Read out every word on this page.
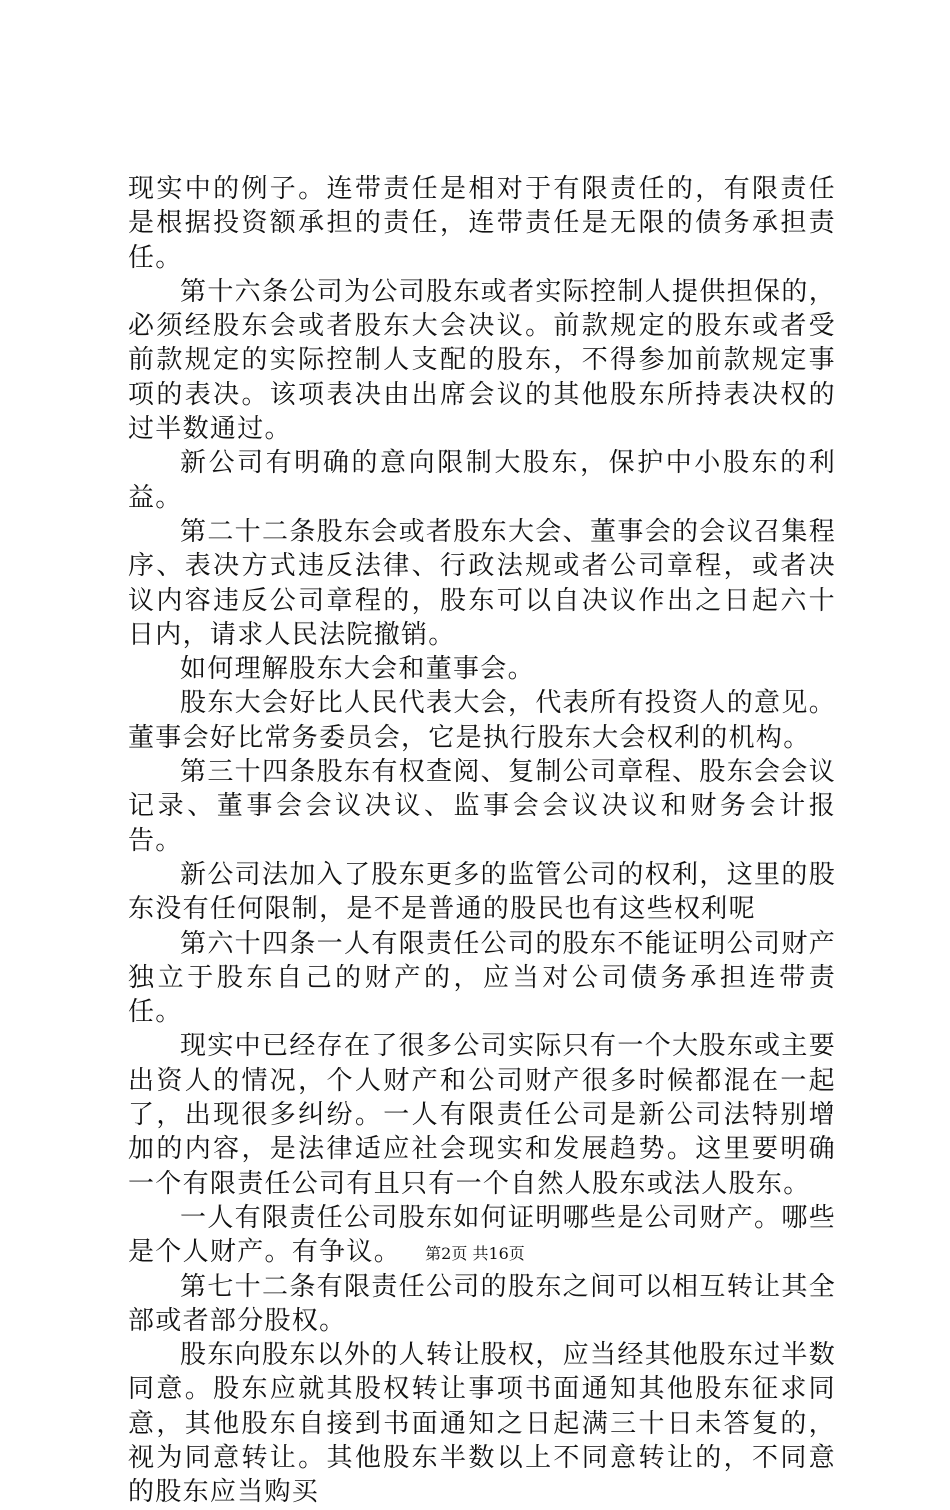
现实中的例子。连带责任是相对于有限责任的，有限责任是根据投资额承担的责任，连带责任是无限的债务承担责任。

第十六条公司为公司股东或者实际控制人提供担保的，必须经股东会或者股东大会决议。前款规定的股东或者受前款规定的实际控制人支配的股东，不得参加前款规定事项的表决。该项表决由出席会议的其他股东所持表决权的过半数通过。

新公司有明确的意向限制大股东，保护中小股东的利益。

第二十二条股东会或者股东大会、董事会的会议召集程序、表决方式违反法律、行政法规或者公司章程，或者决议内容违反公司章程的，股东可以自决议作出之日起六十日内，请求人民法院撤销。

如何理解股东大会和董事会。

股东大会好比人民代表大会，代表所有投资人的意见。董事会好比常务委员会，它是执行股东大会权利的机构。

第三十四条股东有权查阅、复制公司章程、股东会会议记录、董事会会议决议、监事会会议决议和财务会计报告。

新公司法加入了股东更多的监管公司的权利，这里的股东没有任何限制，是不是普通的股民也有这些权利呢

第六十四条一人有限责任公司的股东不能证明公司财产独立于股东自己的财产的，应当对公司债务承担连带责任。

现实中已经存在了很多公司实际只有一个大股东或主要出资人的情况，个人财产和公司财产很多时候都混在一起了，出现很多纠纷。一人有限责任公司是新公司法特别增加的内容，是法律适应社会现实和发展趋势。这里要明确一个有限责任公司有且只有一个自然人股东或法人股东。

一人有限责任公司股东如何证明哪些是公司财产。哪些是个人财产。有争议。

第七十二条有限责任公司的股东之间可以相互转让其全部或者部分股权。

股东向股东以外的人转让股权，应当经其他股东过半数同意。股东应就其股权转让事项书面通知其他股东征求同意，其他股东自接到书面通知之日起满三十日未答复的，视为同意转让。其他股东半数以上不同意转让的，不同意的股东应当购买

第2页 共16页
